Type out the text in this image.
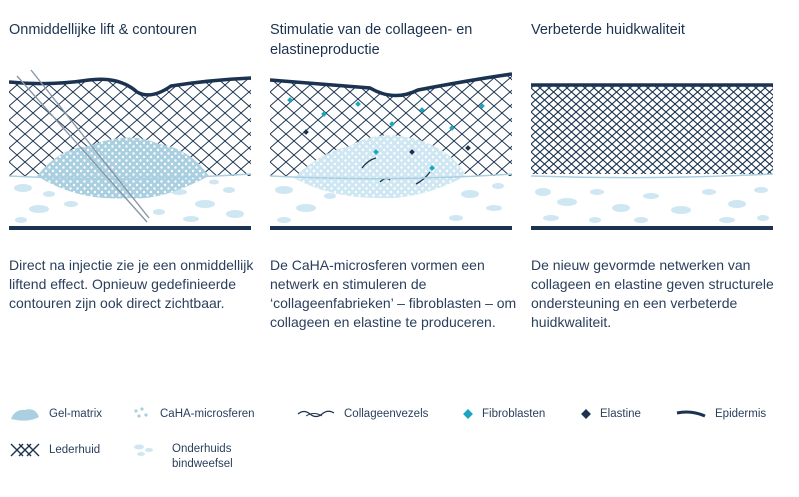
Onmiddellijke lift & contouren

Direct na injectie zie je een onmiddellijk liftend effect. Opnieuw gedefinieerde contouren zijn ook direct zichtbaar.

Stimulatie van de collageen- en elastineproductie

De CaHA-microsferen vormen een netwerk en stimuleren de ‘collageenfabrieken’ – fibroblasten – om collageen en elastine te produceren.

Verbeterde huidkwaliteit

De nieuw gevormde netwerken van collageen en elastine geven structurele ondersteuning en een verbeterde huidkwaliteit.

Gel-matrix	CaHA-microsferen	Collageenvezels	Fibroblasten	Elastine	Epidermis
Lederhuid	Onderhuids bindweefsel
